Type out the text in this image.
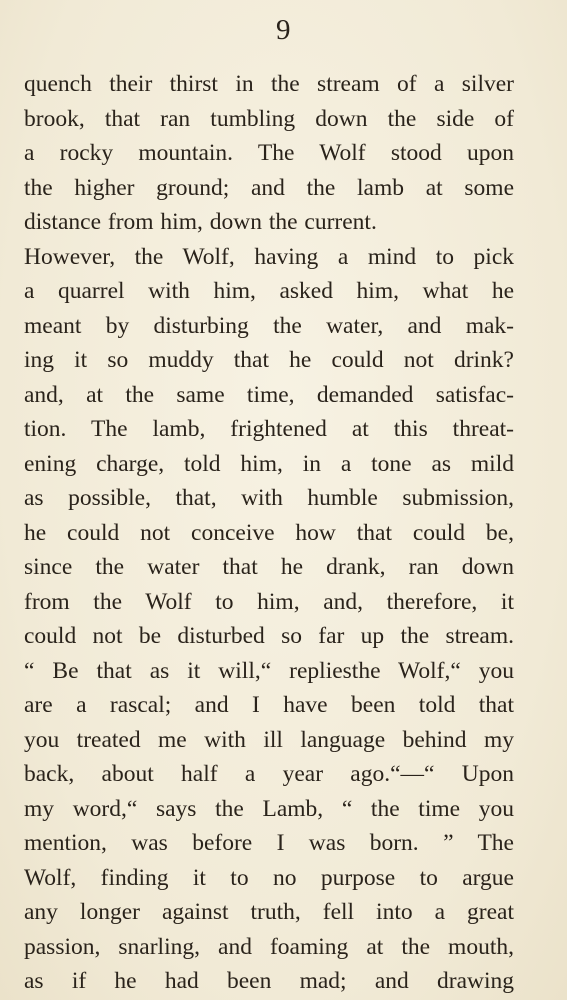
9
quench their thirst in the stream of a silver
brook, that ran tumbling down the side of
a rocky mountain. The Wolf stood upon
the higher ground; and the lamb at some
distance from him, down the current.
However, the Wolf, having a mind to pick
a quarrel with him, asked him, what he
meant by disturbing the water, and mak-
ing it so muddy that he could not drink?
and, at the same time, demanded satisfac-
tion. The lamb, frightened at this threat-
ening charge, told him, in a tone as mild
as possible, that, with humble submission,
he could not conceive how that could be,
since the water that he drank, ran down
from the Wolf to him, and, therefore, it
could not be disturbed so far up the stream.
“ Be that as it will,“ repliesthe Wolf,“ you
are a rascal; and I have been told that
you treated me with ill language behind my
back, about half a year ago.“—“ Upon
my word,“ says the Lamb, “ the time you
mention, was before I was born. ” The
Wolf, finding it to no purpose to argue
any longer against truth, fell into a great
passion, snarling, and foaming at the mouth,
as if he had been mad; and drawing
